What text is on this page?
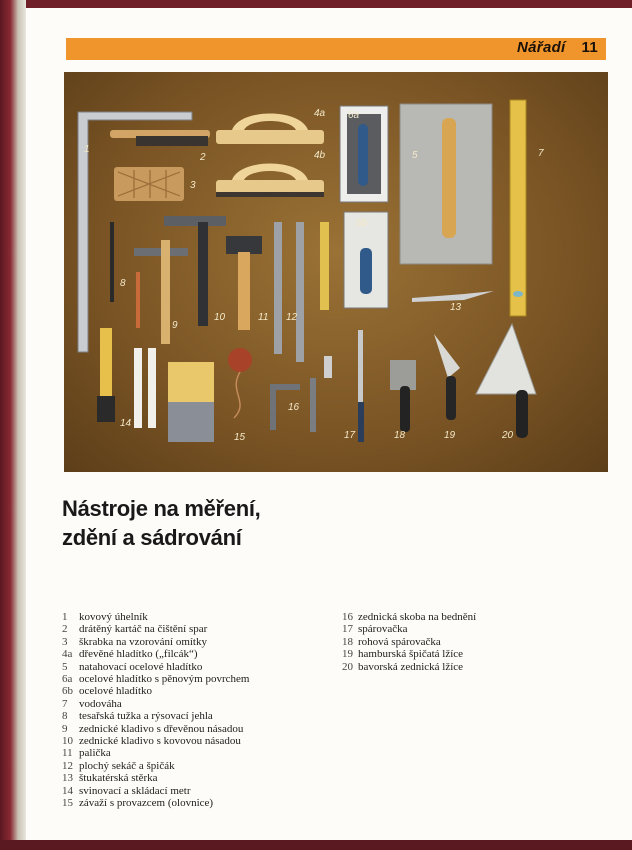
Nářadí 11
1
2
3
4a
4b
6a
5	7
6b
8
9
10	11 12
13
14
15
16
17	18	19	20
Nástroje na měření,
zdění a sádrování
1 kovový úhelník
2 drátěný kartáč na čištění spar
3 škrabka na vzorování omítky
4a dřevěné hladítko („filcák“)
5 natahovací ocelové hladítko
6a ocelové hladítko s pěnovým povrchem
6b ocelové hladítko
7 vodováha
8 tesařská tužka a rýsovací jehla
9 zednické kladivo s dřevěnou násadou
10 zednické kladivo s kovovou násadou
11 palička
12 plochý sekáč a špičák
13 štukatérská stěrka
14 svinovací a skládací metr
15 závaží s provazcem (olovnice)
16 zednická skoba na bednění
17 spárovačka
18 rohová spárovačka
19 hamburská špičatá lžíce
20 bavorská zednická lžíce
